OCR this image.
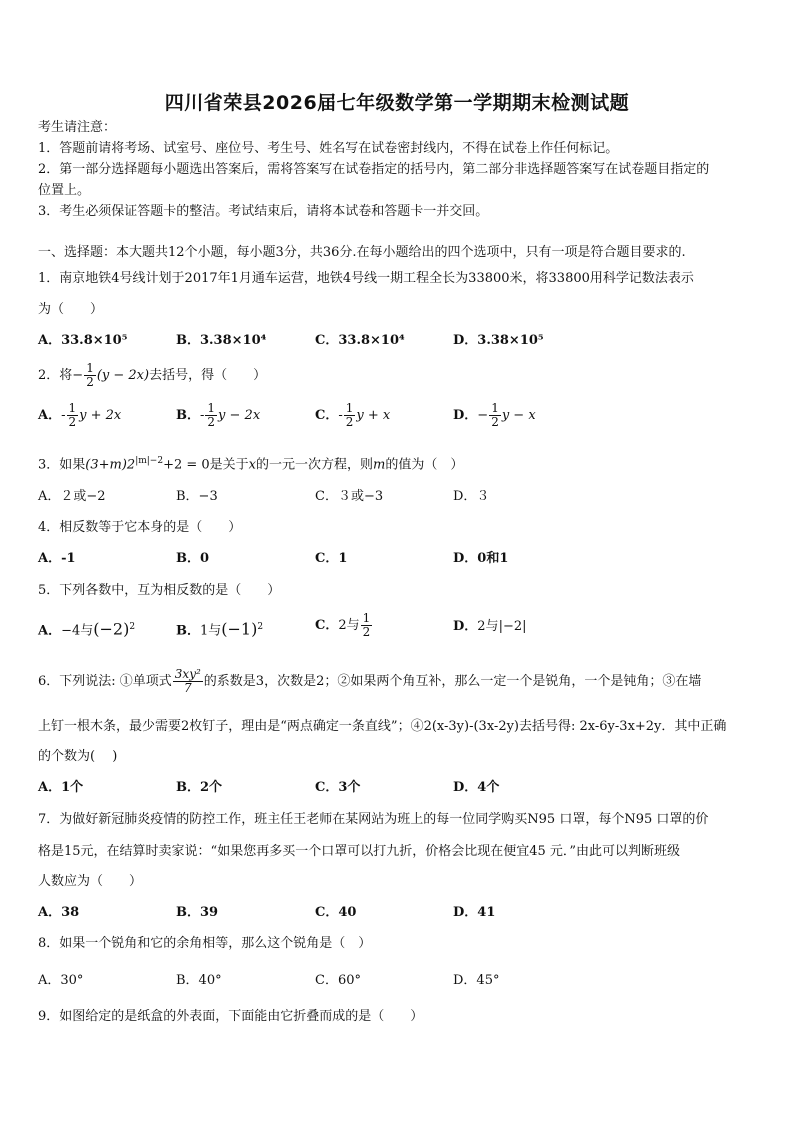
四川省荣县2026届七年级数学第一学期期末检测试题
考生请注意：
1．答题前请将考场、试室号、座位号、考生号、姓名写在试卷密封线内，不得在试卷上作任何标记。
2．第一部分选择题每小题选出答案后，需将答案写在试卷指定的括号内，第二部分非选择题答案写在试卷题目指定的
位置上。
3．考生必须保证答题卡的整洁。考试结束后，请将本试卷和答题卡一并交回。
一、选择题：本大题共12个小题，每小题3分，共36分.在每小题给出的四个选项中，只有一项是符合题目要求的.
1．南京地铁4号线计划于2017年1月通车运营，地铁4号线一期工程全长为33800米，将33800用科学记数法表示
为（　　）
A．33.8×10⁵	B．3.38×10⁴	C．33.8×10⁴	D．3.38×10⁵
2．将− $\frac{1}{2} (y - 2x)$去括号，得（　　）
A．- $\frac{1}{2}$ y + 2x	B．- $\frac{1}{2}$ y − 2x	C．- $\frac{1}{2}$ y + x	D．− $\frac{1}{2}$ y − x
3．如果$(3+m)2^{|m|-2}+2 = 0$是关于x的一元一次方程，则m的值为（　）
A．２或−2	B．−3	C．３或−3	D．３
4．相反数等于它本身的是（　　）
A．-1	B．0	C．1	D．0和1
5．下列各数中，互为相反数的是（　　）
A．−4与$(-2)^2$	B．1与$(-1)^2$	C．2与 $\frac{1}{2}$	D．2与|−2|
6．下列说法: ①单项式 $\frac{\text{3xy²}}{7}$ 的系数是3，次数是2；②如果两个角互补，那么一定一个是锐角，一个是钝角；③在墙
上钉一根木条，最少需要2枚钉子，理由是“两点确定一条直线”；④2(x-3y)-(3x-2y)去括号得: 2x-6y-3x+2y．其中正确
的个数为(　 )
A．1个	B．2个	C．3个	D．4个
7．为做好新冠肺炎疫情的防控工作，班主任王老师在某网站为班上的每一位同学购买N95 口罩，每个N95 口罩的价
格是15元，在结算时卖家说：“如果您再多买一个口罩可以打九折，价格会比现在便宜45 元．”由此可以判断班级
人数应为（　　）
A．38	B．39	C．40	D．41
8．如果一个锐角和它的余角相等，那么这个锐角是（　）
A．30°	B．40°	C．60°	D．45°
9．如图给定的是纸盒的外表面，下面能由它折叠而成的是（　　）
